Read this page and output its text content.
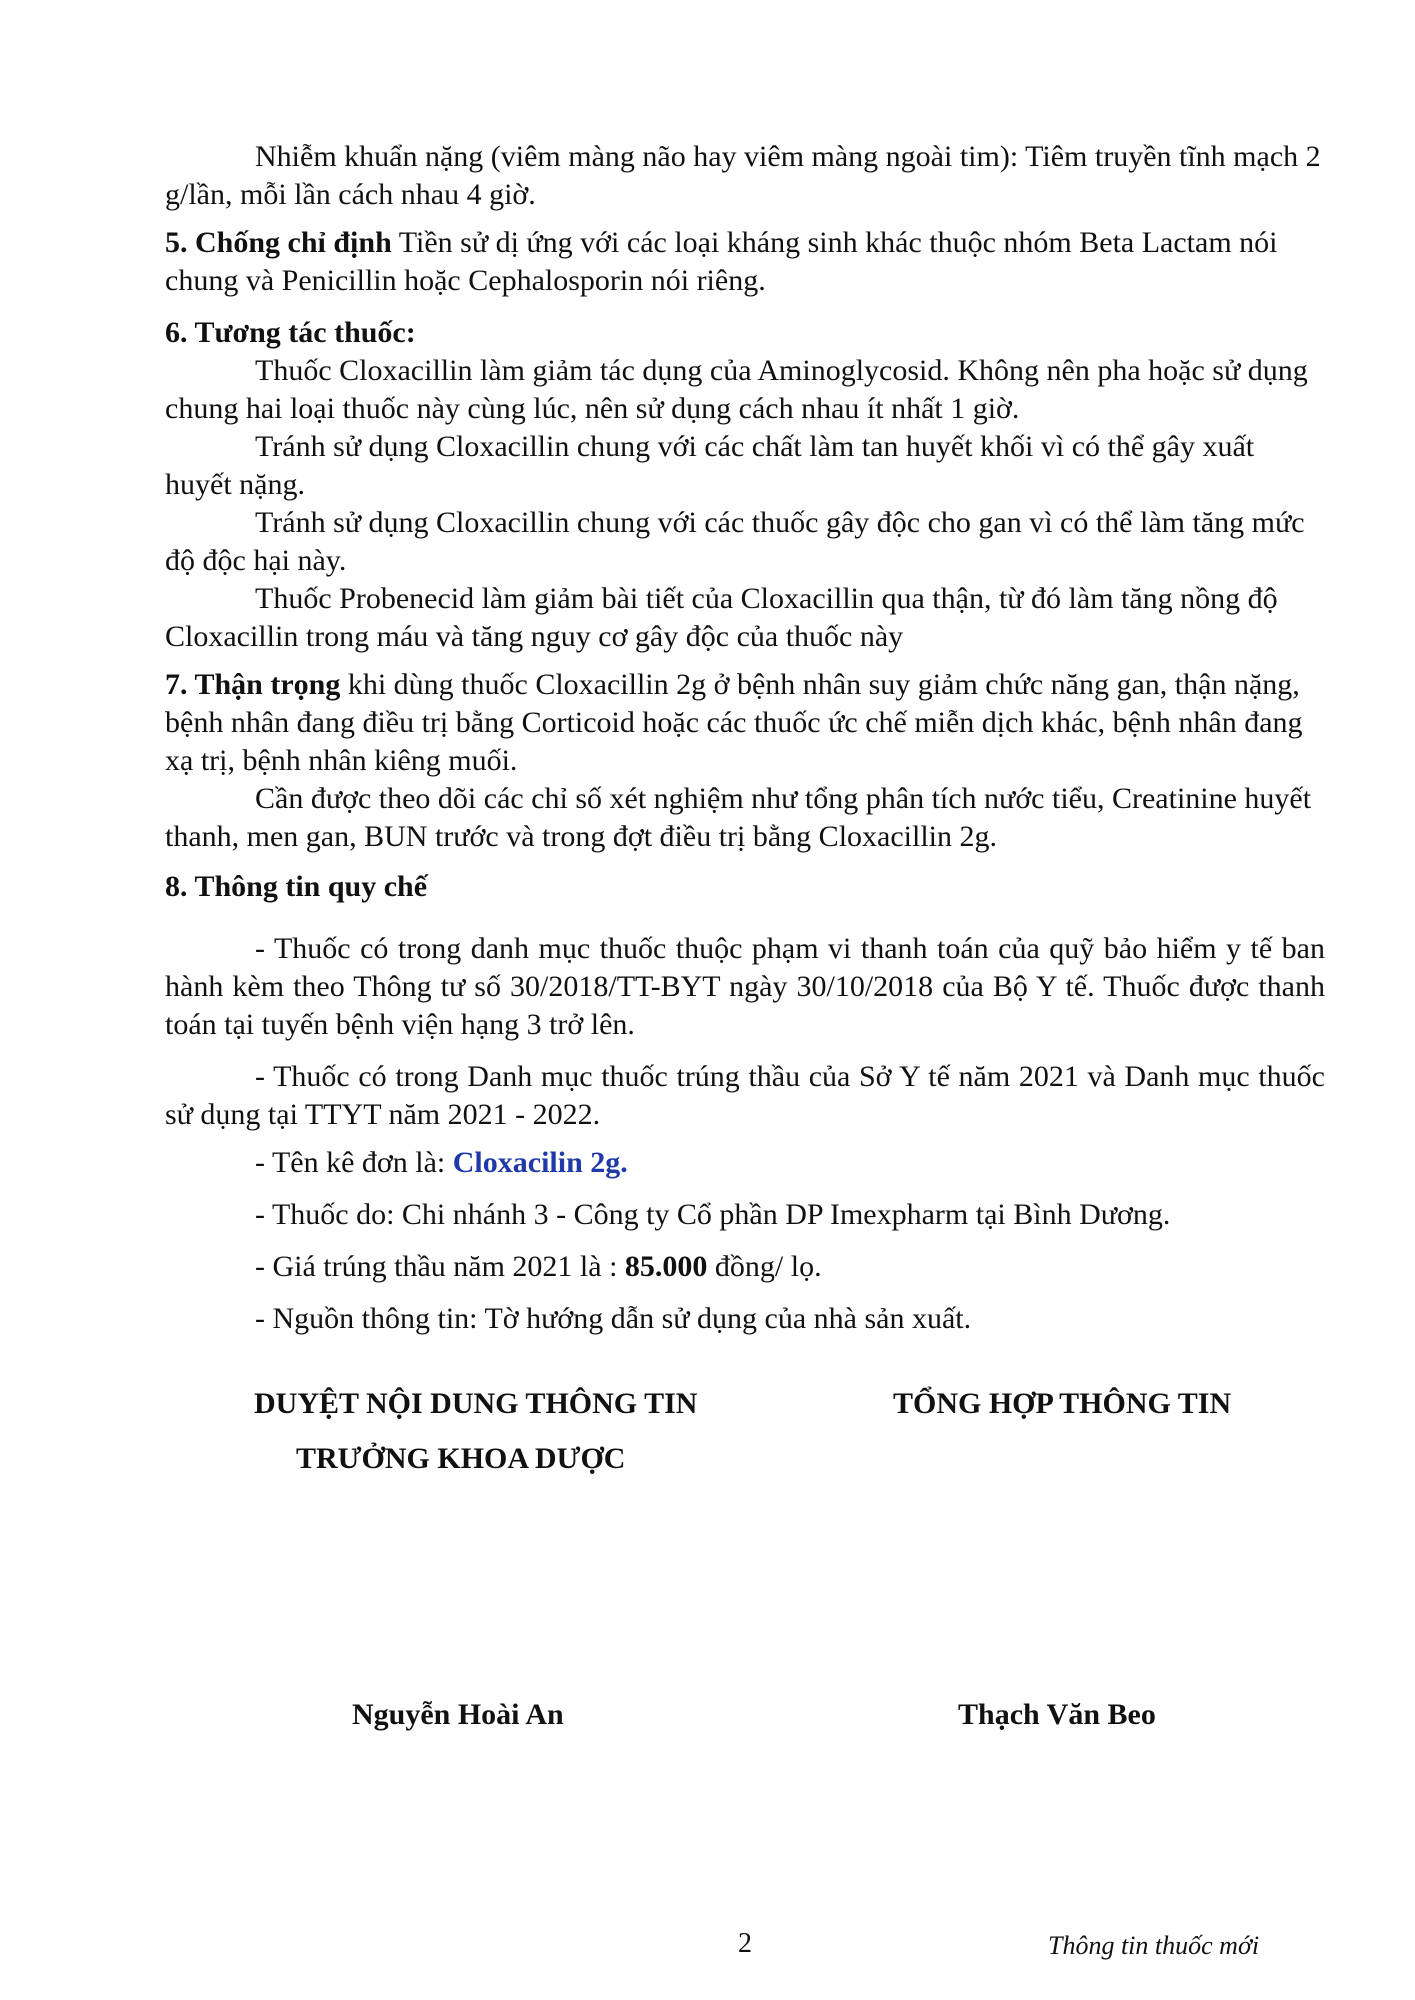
Nhiễm khuẩn nặng (viêm màng não hay viêm màng ngoài tim): Tiêm truyền tĩnh mạch 2 g/lần, mỗi lần cách nhau 4 giờ.

5. Chống chỉ định Tiền sử dị ứng với các loại kháng sinh khác thuộc nhóm Beta Lactam nói chung và Penicillin hoặc Cephalosporin nói riêng.

6. Tương tác thuốc:

Thuốc Cloxacillin làm giảm tác dụng của Aminoglycosid. Không nên pha hoặc sử dụng chung hai loại thuốc này cùng lúc, nên sử dụng cách nhau ít nhất 1 giờ.

Tránh sử dụng Cloxacillin chung với các chất làm tan huyết khối vì có thể gây xuất huyết nặng.

Tránh sử dụng Cloxacillin chung với các thuốc gây độc cho gan vì có thể làm tăng mức độ độc hại này.

Thuốc Probenecid làm giảm bài tiết của Cloxacillin qua thận, từ đó làm tăng nồng độ Cloxacillin trong máu và tăng nguy cơ gây độc của thuốc này

7. Thận trọng khi dùng thuốc Cloxacillin 2g ở bệnh nhân suy giảm chức năng gan, thận nặng, bệnh nhân đang điều trị bằng Corticoid hoặc các thuốc ức chế miễn dịch khác, bệnh nhân đang xạ trị, bệnh nhân kiêng muối.

Cần được theo dõi các chỉ số xét nghiệm như tổng phân tích nước tiểu, Creatinine huyết thanh, men gan, BUN trước và trong đợt điều trị bằng Cloxacillin 2g.

8. Thông tin quy chế

- Thuốc có trong danh mục thuốc thuộc phạm vi thanh toán của quỹ bảo hiểm y tế ban hành kèm theo Thông tư số 30/2018/TT-BYT ngày 30/10/2018 của Bộ Y tế. Thuốc được thanh toán tại tuyến bệnh viện hạng 3 trở lên.

- Thuốc có trong Danh mục thuốc trúng thầu của Sở Y tế năm 2021 và Danh mục thuốc sử dụng tại TTYT năm 2021 - 2022.

- Tên kê đơn là: Cloxacilin 2g.

- Thuốc do: Chi nhánh 3 - Công ty Cổ phần DP Imexpharm tại Bình Dương.

- Giá trúng thầu năm 2021 là : 85.000 đồng/ lọ.

- Nguồn thông tin: Tờ hướng dẫn sử dụng của nhà sản xuất.

DUYỆT NỘI DUNG THÔNG TIN
TRƯỞNG KHOA DƯỢC
TỔNG HỢP THÔNG TIN
Nguyễn Hoài An	Thạch Văn Beo
2	Thông tin thuốc mới
